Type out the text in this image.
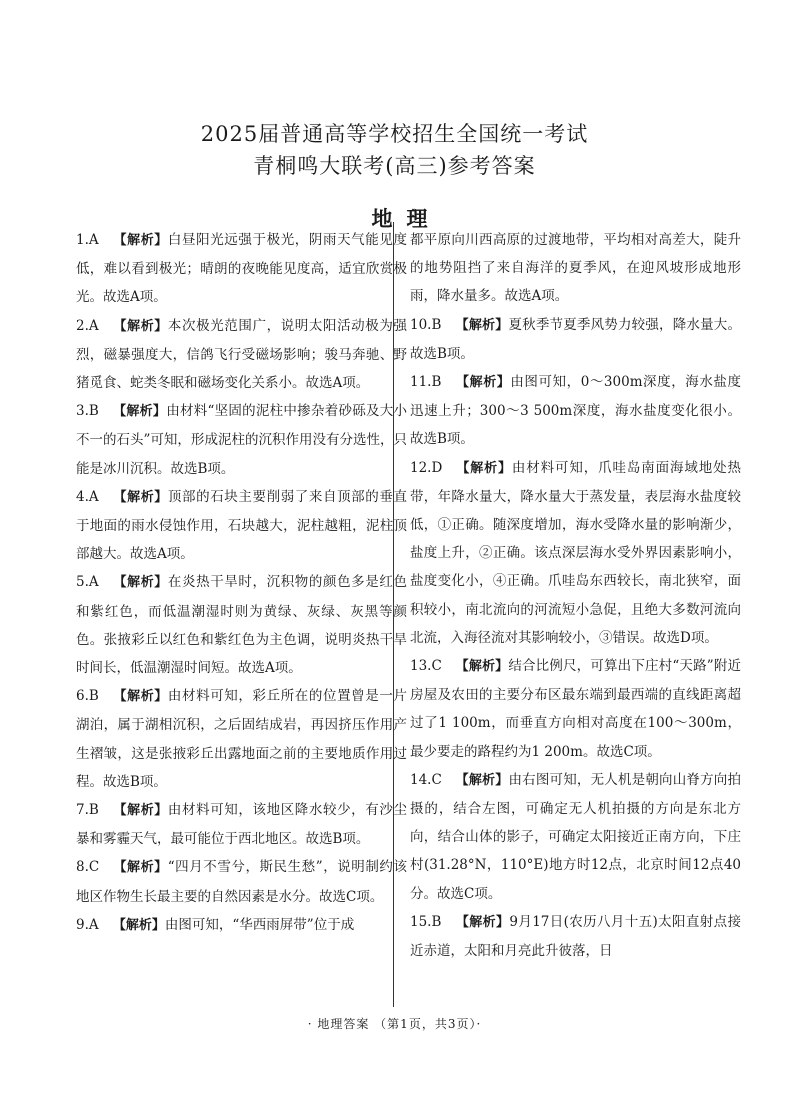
2025届普通高等学校招生全国统一考试
青桐鸣大联考(高三)参考答案
地理

1.A 【解析】白昼阳光远强于极光，阴雨天气能见度低，难以看到极光；晴朗的夜晚能见度高，适宜欣赏极光。故选A项。

2.A 【解析】本次极光范围广，说明太阳活动极为强烈，磁暴强度大，信鸽飞行受磁场影响；骏马奔驰、野猪觅食、蛇类冬眠和磁场变化关系小。故选A项。

3.B 【解析】由材料“坚固的泥柱中掺杂着砂砾及大小不一的石头”可知，形成泥柱的沉积作用没有分选性，只能是冰川沉积。故选B项。

4.A 【解析】顶部的石块主要削弱了来自顶部的垂直于地面的雨水侵蚀作用，石块越大，泥柱越粗，泥柱顶部越大。故选A项。

5.A 【解析】在炎热干旱时，沉积物的颜色多是红色和紫红色，而低温潮湿时则为黄绿、灰绿、灰黑等颜色。张掖彩丘以红色和紫红色为主色调，说明炎热干旱时间长，低温潮湿时间短。故选A项。

6.B 【解析】由材料可知，彩丘所在的位置曾是一片湖泊，属于湖相沉积，之后固结成岩，再因挤压作用产生褶皱，这是张掖彩丘出露地面之前的主要地质作用过程。故选B项。

7.B 【解析】由材料可知，该地区降水较少，有沙尘暴和雾霾天气，最可能位于西北地区。故选B项。

8.C 【解析】“四月不雪兮，斯民生愁”，说明制约该地区作物生长最主要的自然因素是水分。故选C项。

9.A 【解析】由图可知，“华西雨屏带”位于成

都平原向川西高原的过渡地带，平均相对高差大，陡升的地势阻挡了来自海洋的夏季风，在迎风坡形成地形雨，降水量多。故选A项。

10.B 【解析】夏秋季节夏季风势力较强，降水量大。故选B项。

11.B 【解析】由图可知，0～300m深度，海水盐度迅速上升；300～3 500m深度，海水盐度变化很小。故选B项。

12.D 【解析】由材料可知，爪哇岛南面海域地处热带，年降水量大，降水量大于蒸发量，表层海水盐度较低，①正确。随深度增加，海水受降水量的影响渐少，盐度上升，②正确。该点深层海水受外界因素影响小，盐度变化小，④正确。爪哇岛东西较长，南北狭窄，面积较小，南北流向的河流短小急促，且绝大多数河流向北流，入海径流对其影响较小，③错误。故选D项。

13.C 【解析】结合比例尺，可算出下庄村“天路”附近房屋及农田的主要分布区最东端到最西端的直线距离超过了1 100m，而垂直方向相对高度在100～300m，最少要走的路程约为1 200m。故选C项。

14.C 【解析】由右图可知，无人机是朝向山脊方向拍摄的，结合左图，可确定无人机拍摄的方向是东北方向，结合山体的影子，可确定太阳接近正南方向，下庄村(31.28°N，110°E)地方时12点，北京时间12点40分。故选C项。

15.B 【解析】9月17日(农历八月十五)太阳直射点接近赤道，太阳和月亮此升彼落，日

· 地理答案 （第1页，共3页）·
